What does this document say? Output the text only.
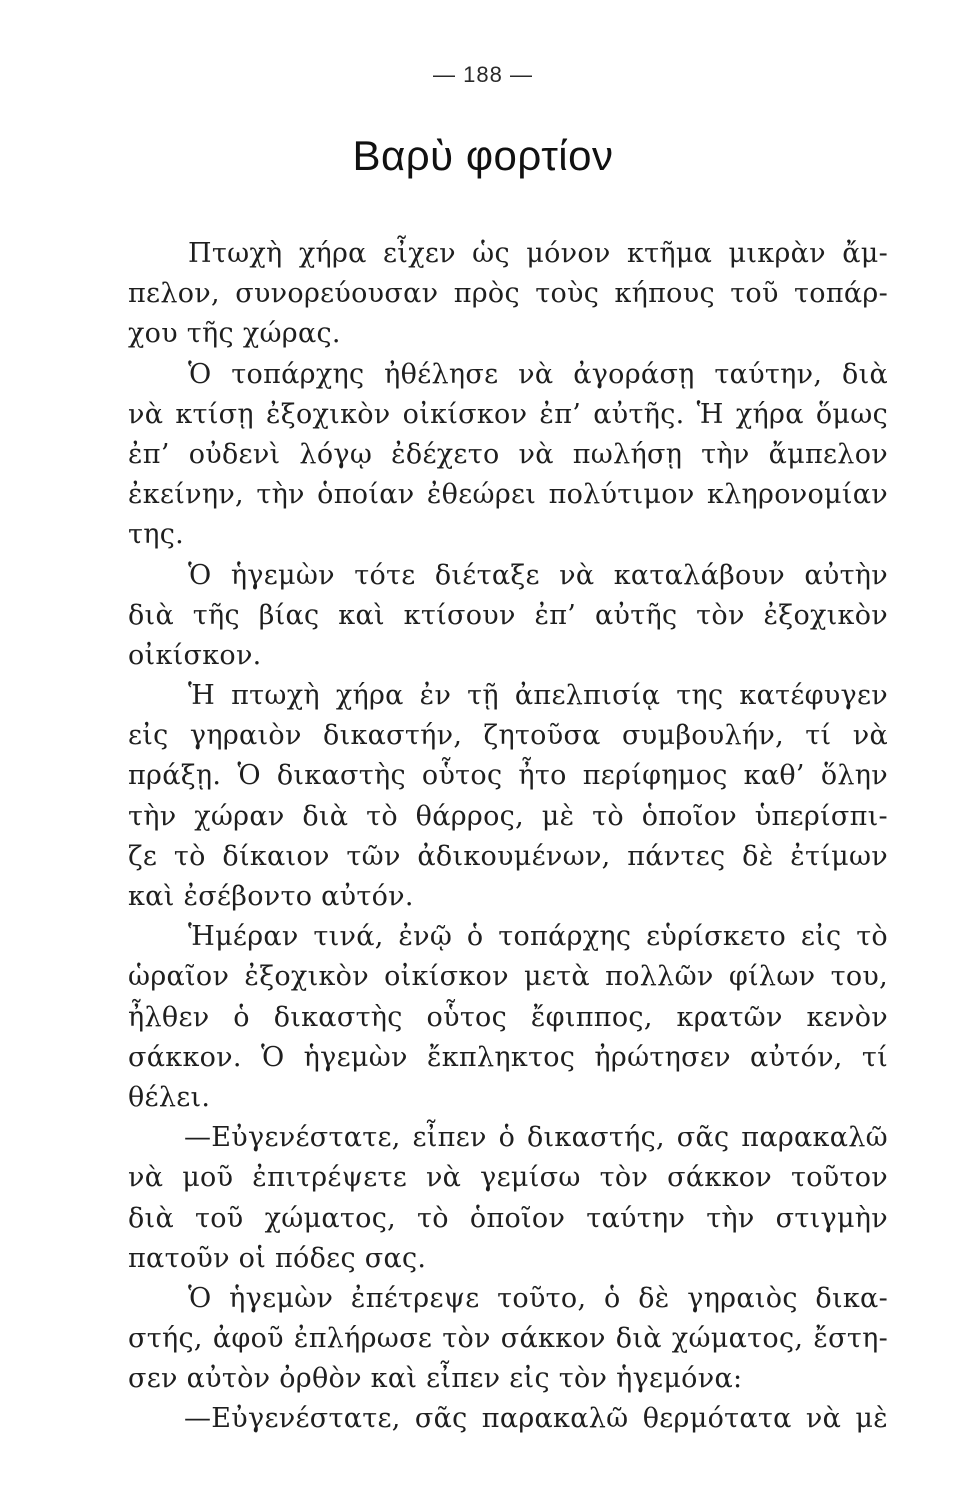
— 188 —
Βαρὺ φορτίον
Πτωχὴ χήρα εἶχεν ὡς μόνον κτῆμα μικρὰν ἄμ-
πελον, συνορεύουσαν πρὸς τοὺς κήπους τοῦ τοπάρ-
χου τῆς χώρας.
Ὁ τοπάρχης ἠθέλησε νὰ ἀγοράσῃ ταύτην, διὰ
νὰ κτίσῃ ἐξοχικὸν οἰκίσκον ἐπ’ αὐτῆς. Ἡ χήρα ὅμως
ἐπ’ οὐδενὶ λόγῳ ἐδέχετο νὰ πωλήσῃ τὴν ἄμπελον
ἐκείνην, τὴν ὁποίαν ἐθεώρει πολύτιμον κληρονομίαν
της.
Ὁ ἡγεμὼν τότε διέταξε νὰ καταλάβουν αὐτὴν
διὰ τῆς βίας καὶ κτίσουν ἐπ’ αὐτῆς τὸν ἐξοχικὸν
οἰκίσκον.
Ἡ πτωχὴ χήρα ἐν τῇ ἀπελπισίᾳ της κατέφυγεν
εἰς γηραιὸν δικαστήν, ζητοῦσα συμβουλήν, τί νὰ
πράξῃ. Ὁ δικαστὴς οὗτος ἦτο περίφημος καθ’ ὅλην
τὴν χώραν διὰ τὸ θάρρος, μὲ τὸ ὁποῖον ὑπερίσπι-
ζε τὸ δίκαιον τῶν ἀδικουμένων, πάντες δὲ ἐτίμων
καὶ ἐσέβοντο αὐτόν.
Ἡμέραν τινά, ἐνῷ ὁ τοπάρχης εὑρίσκετο εἰς τὸ
ὡραῖον ἐξοχικὸν οἰκίσκον μετὰ πολλῶν φίλων του,
ἦλθεν ὁ δικαστὴς οὗτος ἔφιππος, κρατῶν κενὸν
σάκκον. Ὁ ἡγεμὼν ἔκπληκτος ἠρώτησεν αὐτόν, τί
θέλει.
—Εὐγενέστατε, εἶπεν ὁ δικαστής, σᾶς παρακαλῶ
νὰ μοῦ ἐπιτρέψετε νὰ γεμίσω τὸν σάκκον τοῦτον
διὰ τοῦ χώματος, τὸ ὁποῖον ταύτην τὴν στιγμὴν
πατοῦν οἱ πόδες σας.
Ὁ ἡγεμὼν ἐπέτρεψε τοῦτο, ὁ δὲ γηραιὸς δικα-
στής, ἀφοῦ ἐπλήρωσε τὸν σάκκον διὰ χώματος, ἔστη-
σεν αὐτὸν ὀρθὸν καὶ εἶπεν εἰς τὸν ἡγεμόνα:
—Εὐγενέστατε, σᾶς παρακαλῶ θερμότατα νὰ μὲ
